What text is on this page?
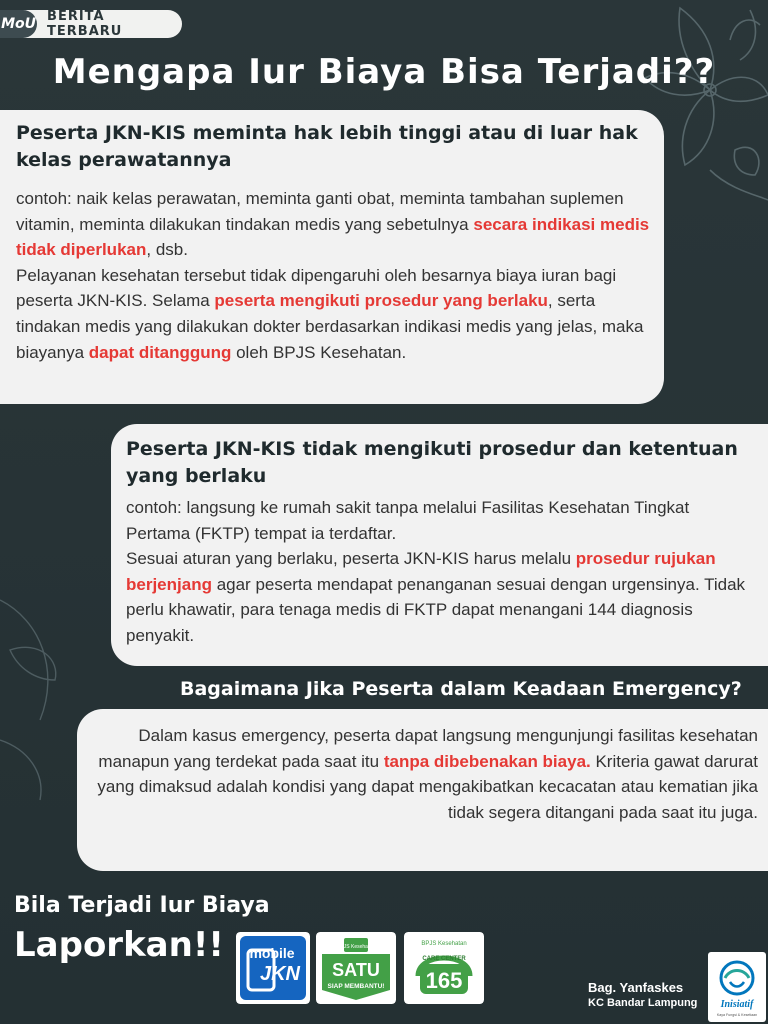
MoU BERITA TERBARU
Mengapa Iur Biaya Bisa Terjadi??
Peserta JKN-KIS meminta hak lebih tinggi atau di luar hak kelas perawatannya

contoh: naik kelas perawatan, meminta ganti obat, meminta tambahan suplemen vitamin, meminta dilakukan tindakan medis yang sebetulnya secara indikasi medis tidak diperlukan, dsb.
Pelayanan kesehatan tersebut tidak dipengaruhi oleh besarnya biaya iuran bagi peserta JKN-KIS. Selama peserta mengikuti prosedur yang berlaku, serta tindakan medis yang dilakukan dokter berdasarkan indikasi medis yang jelas, maka biayanya dapat ditanggung oleh BPJS Kesehatan.

Peserta JKN-KIS tidak mengikuti prosedur dan ketentuan yang berlaku

contoh: langsung ke rumah sakit tanpa melalui Fasilitas Kesehatan Tingkat Pertama (FKTP) tempat ia terdaftar.
Sesuai aturan yang berlaku, peserta JKN-KIS harus melalu prosedur rujukan berjenjang agar peserta mendapat penanganan sesuai dengan urgensinya. Tidak perlu khawatir, para tenaga medis di FKTP dapat menangani 144 diagnosis penyakit.

Bagaimana Jika Peserta dalam Keadaan Emergency?

Dalam kasus emergency, peserta dapat langsung mengunjungi fasilitas kesehatan manapun yang terdekat pada saat itu tanpa dibebenakan biaya. Kriteria gawat darurat yang dimaksud adalah kondisi yang dapat mengakibatkan kecacatan atau kematian jika tidak segera ditangani pada saat itu juga.

Bila Terjadi Iur Biaya
Laporkan!! mobile
JKN
BPJS Kesehatan
SATU
SIAP MEMBANTU!
BPJS Kesehatan
CARE CENTER
165	Bag. Yanfaskes
KC Bandar Lampung Inisiatif
Kaya Fungsi & Kesetiaan
